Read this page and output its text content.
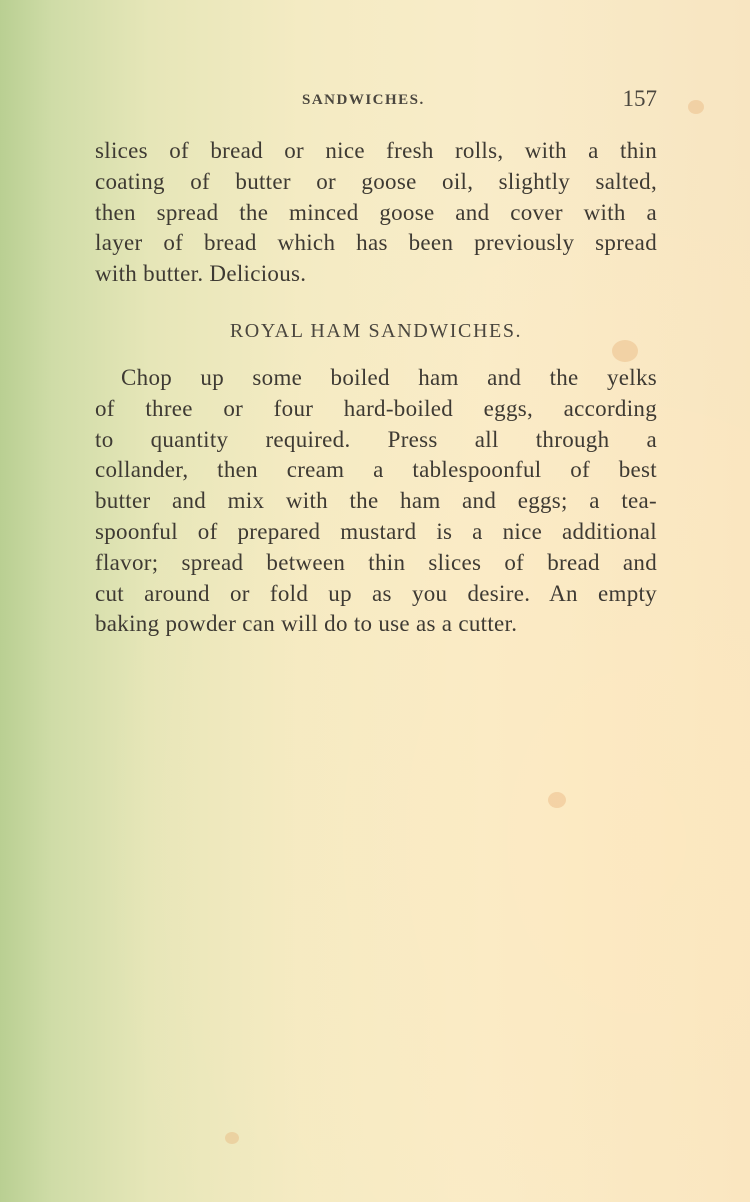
SANDWICHES.	157
slices of bread or nice fresh rolls, with a thin
coating of butter or goose oil, slightly salted,
then spread the minced goose and cover with a
layer of bread which has been previously spread
with butter. Delicious.
ROYAL HAM SANDWICHES.
Chop up some boiled ham and the yelks
of three or four hard-boiled eggs, according
to quantity required. Press all through a
collander, then cream a tablespoonful of best
butter and mix with the ham and eggs; a tea-
spoonful of prepared mustard is a nice additional
flavor; spread between thin slices of bread and
cut around or fold up as you desire. An empty
baking powder can will do to use as a cutter.
